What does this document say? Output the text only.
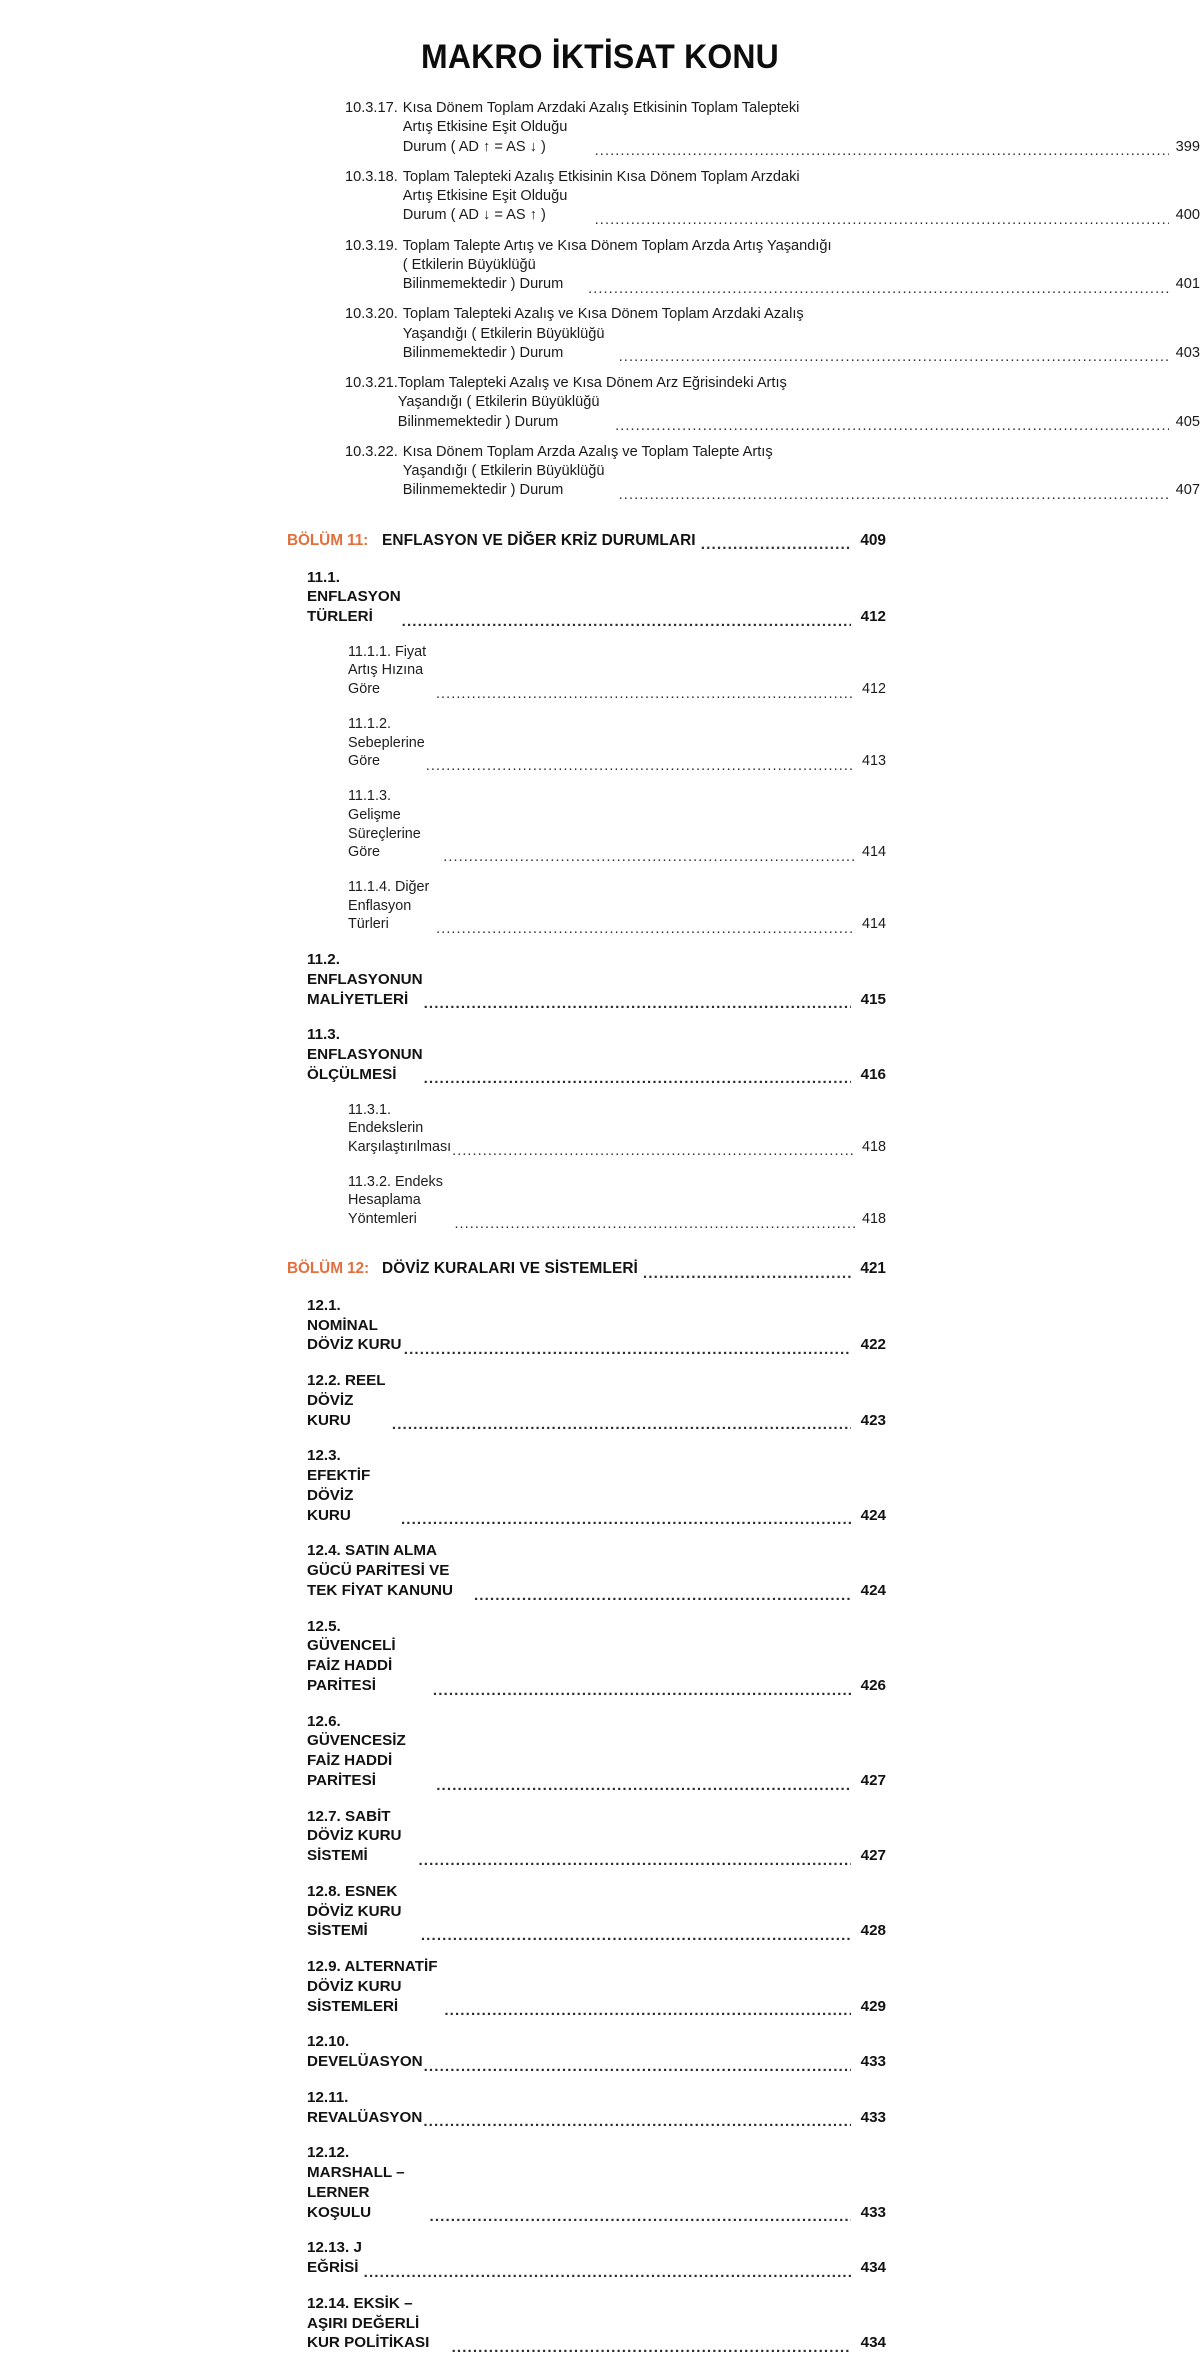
MAKRO İKTİSAT KONU
10.3.17. Kısa Dönem Toplam Arzdaki Azalış Etkisinin Toplam Talepteki
Artış Etkisine Eşit Olduğu Durum ( AD ↑ = AS ↓ ) .....	399
10.3.18. Toplam Talepteki Azalış Etkisinin Kısa Dönem Toplam Arzdaki
Artış Etkisine Eşit Olduğu Durum ( AD ↓ = AS ↑ ) .....	400
10.3.19. Toplam Talepte Artış ve Kısa Dönem Toplam Arzda Artış Yaşandığı
( Etkilerin Büyüklüğü Bilinmemektedir ) Durum .....	401
10.3.20. Toplam Talepteki Azalış ve Kısa Dönem Toplam Arzdaki Azalış
Yaşandığı ( Etkilerin Büyüklüğü Bilinmemektedir ) Durum .....	403
10.3.21. Toplam Talepteki Azalış ve Kısa Dönem Arz Eğrisindeki Artış
Yaşandığı ( Etkilerin Büyüklüğü Bilinmemektedir ) Durum .....	405
10.3.22. Kısa Dönem Toplam Arzda Azalış ve Toplam Talepte Artış
Yaşandığı ( Etkilerin Büyüklüğü Bilinmemektedir ) Durum .....	407
BÖLÜM 11: ENFLASYON VE DİĞER KRİZ DURUMLARI .....	409
11.1. ENFLASYON TÜRLERİ .....	412
11.1.1. Fiyat Artış Hızına Göre .....	412
11.1.2. Sebeplerine Göre .....	413
11.1.3. Gelişme Süreçlerine Göre .....	414
11.1.4. Diğer Enflasyon Türleri .....	414
11.2. ENFLASYONUN MALİYETLERİ .....	415
11.3. ENFLASYONUN ÖLÇÜLMESİ .....	416
11.3.1. Endekslerin Karşılaştırılması .....	418
11.3.2. Endeks Hesaplama Yöntemleri .....	418
BÖLÜM 12: DÖVİZ KURALARI VE SİSTEMLERİ .....	421
12.1. NOMİNAL DÖVİZ KURU .....	422
12.2. REEL DÖVİZ KURU .....	423
12.3. EFEKTİF DÖVİZ KURU .....	424
12.4. SATIN ALMA GÜCÜ PARİTESİ VE TEK FİYAT KANUNU .....	424
12.5. GÜVENCELİ FAİZ HADDİ PARİTESİ .....	426
12.6. GÜVENCESİZ FAİZ HADDİ PARİTESİ .....	427
12.7. SABİT DÖVİZ KURU SİSTEMİ .....	427
12.8. ESNEK DÖVİZ KURU SİSTEMİ .....	428
12.9. ALTERNATİF DÖVİZ KURU SİSTEMLERİ .....	429
12.10. DEVELÜASYON .....	433
12.11. REVALÜASYON .....	433
12.12. MARSHALL – LERNER KOŞULU .....	433
12.13. J EĞRİSİ .....	434
12.14. EKSİK – AŞIRI DEĞERLİ KUR POLİTİKASI .....	434
